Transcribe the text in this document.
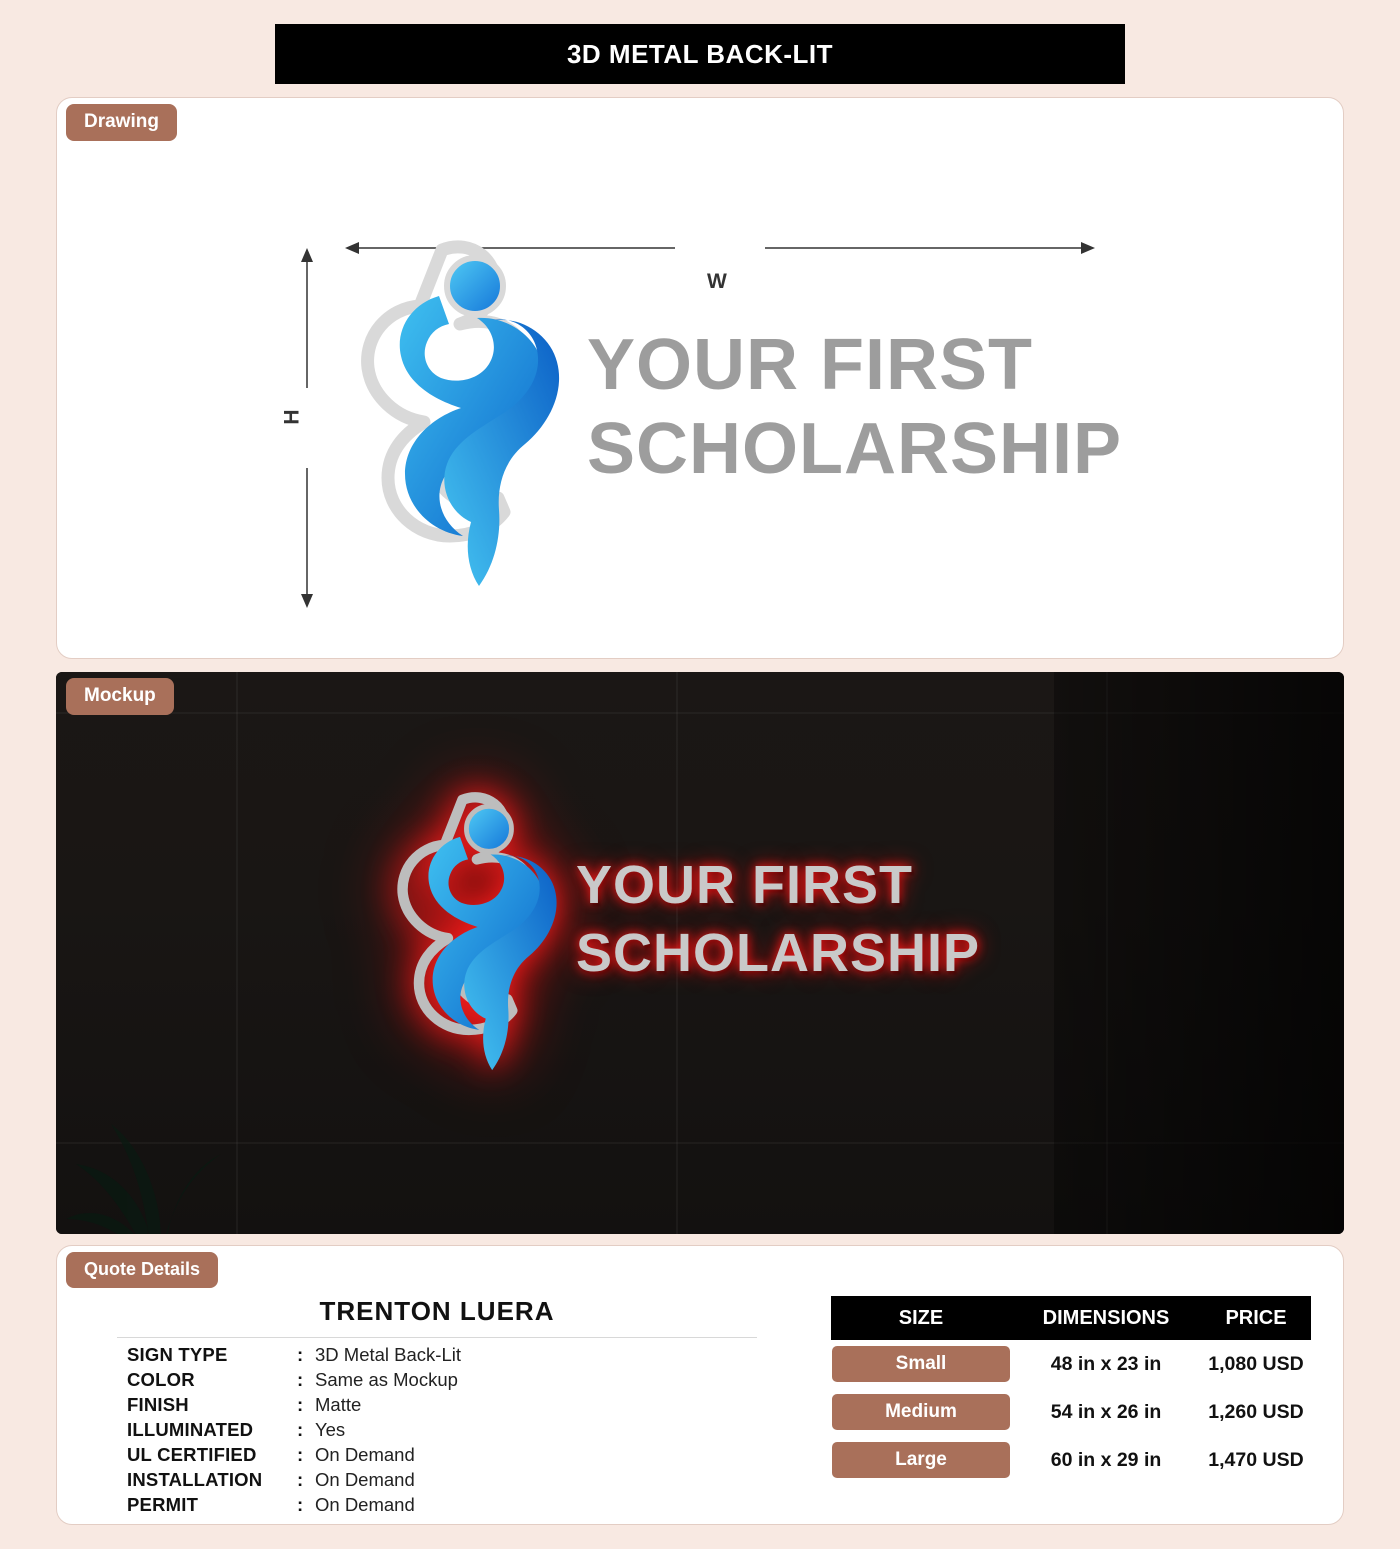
3D METAL BACK-LIT
Drawing
W
H
YOUR FIRST
SCHOLARSHIP
Mockup
YOUR FIRST
SCHOLARSHIP
Quote Details
TRENTON LUERA
SIGN TYPE	: 3D Metal Back-Lit
COLOR	: Same as Mockup
FINISH	: Matte
ILLUMINATED	: Yes
UL CERTIFIED	: On Demand
INSTALLATION	: On Demand
PERMIT	: On Demand
SIZE	DIMENSIONS	PRICE
Small	48 in x 23 in	1,080 USD
Medium	54 in x 26 in	1,260 USD
Large	60 in x 29 in	1,470 USD
